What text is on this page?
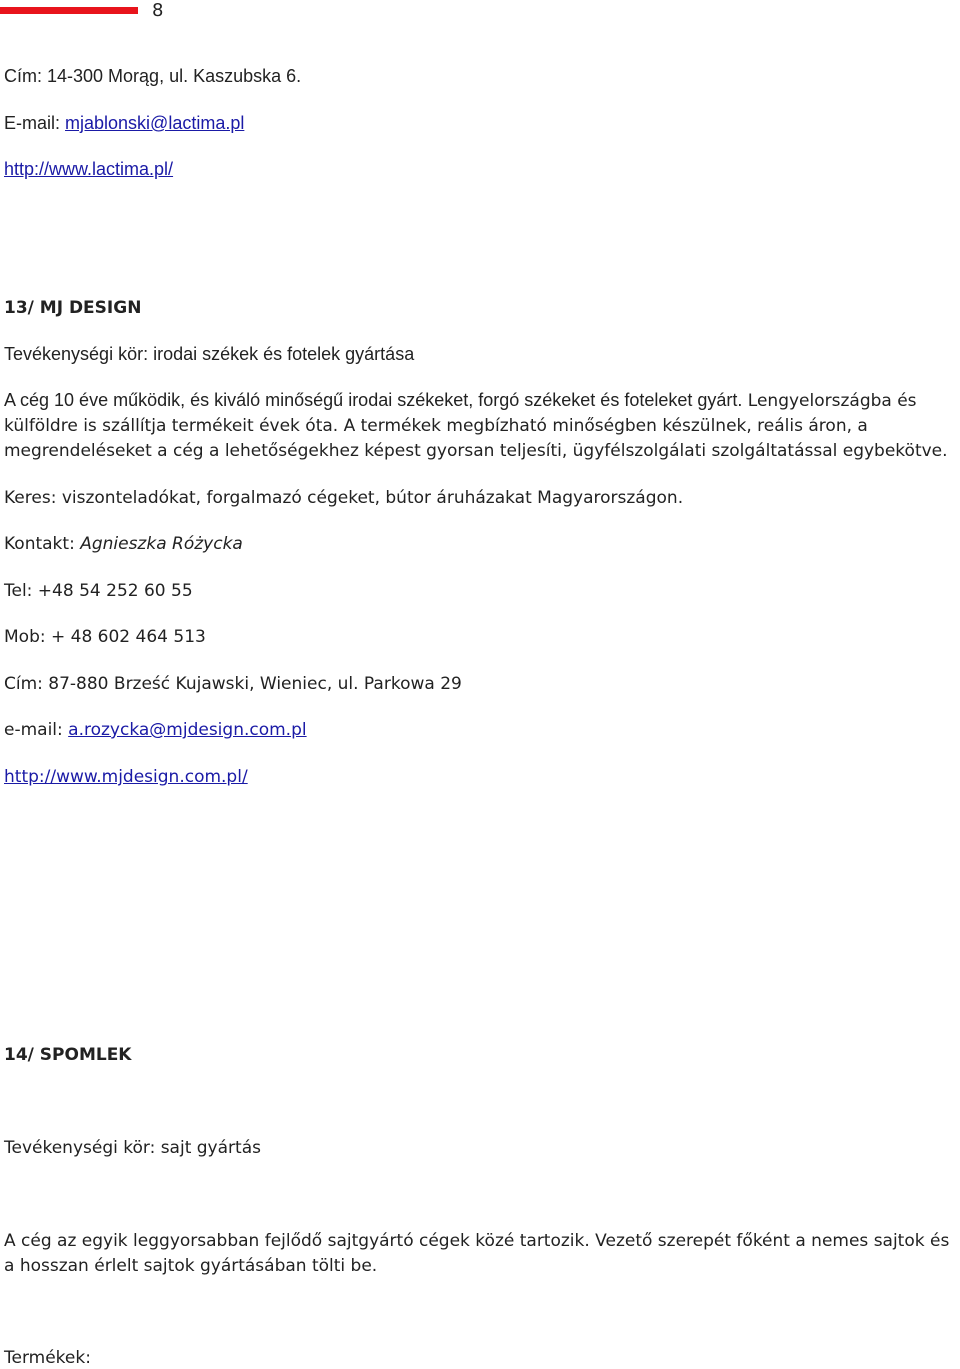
8

Cím: 14-300 Morąg, ul. Kaszubska 6.

E-mail: mjablonski@lactima.pl

http://www.lactima.pl/

13/ MJ DESIGN

Tevékenységi kör: irodai székek és fotelek gyártása

A cég 10 éve működik, és kiváló minőségű irodai székeket, forgó székeket és foteleket gyárt. Lengyelországba és külföldre is szállítja termékeit évek óta. A termékek megbízható minőségben készülnek, reális áron, a megrendeléseket a cég a lehetőségekhez képest gyorsan teljesíti, ügyfélszolgálati szolgáltatással egybekötve.

Keres: viszonteladókat, forgalmazó cégeket, bútor áruházakat Magyarországon.

Kontakt: Agnieszka Różycka

Tel: +48 54 252 60 55

Mob: + 48 602 464 513

Cím: 87-880 Brześć Kujawski, Wieniec, ul. Parkowa 29

e-mail: a.rozycka@mjdesign.com.pl

http://www.mjdesign.com.pl/

14/ SPOMLEK

Tevékenységi kör: sajt gyártás

A cég az egyik leggyorsabban fejlődő sajtgyártó cégek közé tartozik. Vezető szerepét főként a nemes sajtok és a hosszan érlelt sajtok gyártásában tölti be.

Termékek:
